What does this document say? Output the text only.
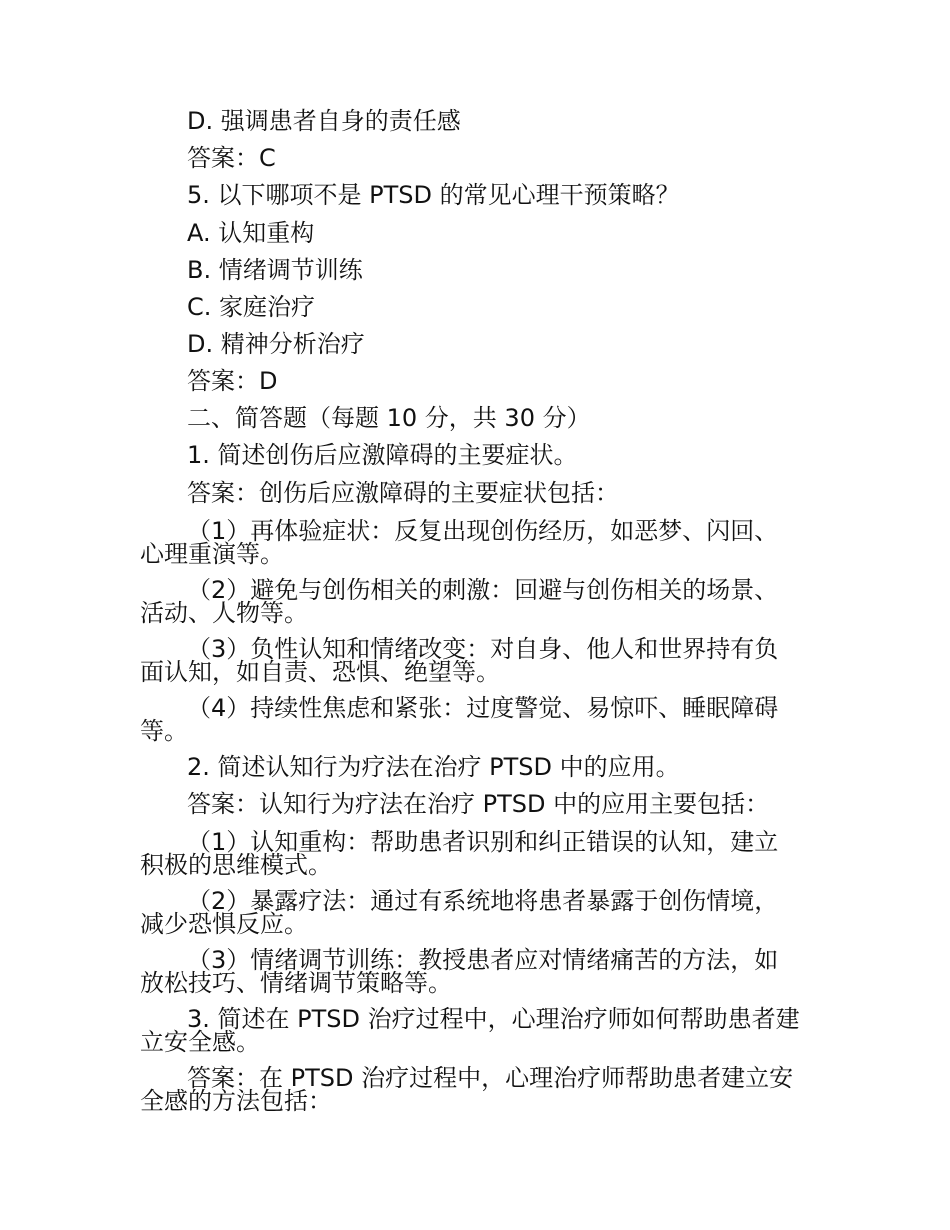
D. 强调患者自身的责任感
答案：C
5. 以下哪项不是 PTSD 的常见心理干预策略？
A. 认知重构
B. 情绪调节训练
C. 家庭治疗
D. 精神分析治疗
答案：D
二、简答题（每题 10 分，共 30 分）
1. 简述创伤后应激障碍的主要症状。
答案：创伤后应激障碍的主要症状包括：
（1）再体验症状：反复出现创伤经历，如恶梦、闪回、
心理重演等。
（2）避免与创伤相关的刺激：回避与创伤相关的场景、
活动、人物等。
（3）负性认知和情绪改变：对自身、他人和世界持有负
面认知，如自责、恐惧、绝望等。
（4）持续性焦虑和紧张：过度警觉、易惊吓、睡眠障碍
等。
2. 简述认知行为疗法在治疗 PTSD 中的应用。
答案：认知行为疗法在治疗 PTSD 中的应用主要包括：
（1）认知重构：帮助患者识别和纠正错误的认知，建立
积极的思维模式。
（2）暴露疗法：通过有系统地将患者暴露于创伤情境，
减少恐惧反应。
（3）情绪调节训练：教授患者应对情绪痛苦的方法，如
放松技巧、情绪调节策略等。
3. 简述在 PTSD 治疗过程中，心理治疗师如何帮助患者建
立安全感。
答案：在 PTSD 治疗过程中，心理治疗师帮助患者建立安
全感的方法包括：
